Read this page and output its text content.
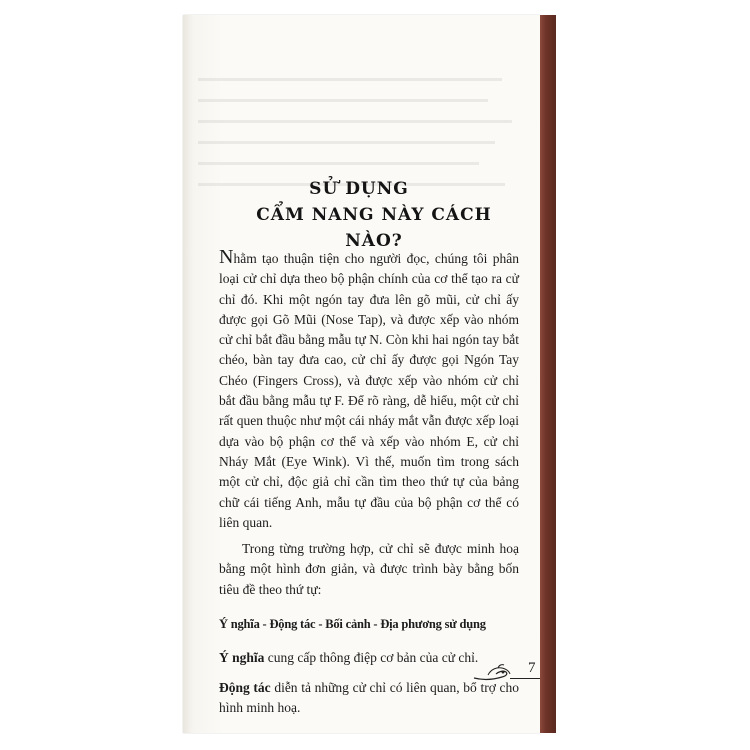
SỬ DỤNG
CẨM NANG NÀY CÁCH NÀO?

Nhằm tạo thuận tiện cho người đọc, chúng tôi phân loại cử chỉ dựa theo bộ phận chính của cơ thể tạo ra cử chỉ đó. Khi một ngón tay đưa lên gõ mũi, cử chỉ ấy được gọi Gõ Mũi (Nose Tap), và được xếp vào nhóm cử chỉ bắt đầu bằng mẫu tự N. Còn khi hai ngón tay bắt chéo, bàn tay đưa cao, cử chỉ ấy được gọi Ngón Tay Chéo (Fingers Cross), và được xếp vào nhóm cử chỉ bắt đầu bằng mẫu tự F. Để rõ ràng, dễ hiểu, một cử chỉ rất quen thuộc như một cái nháy mắt vẫn được xếp loại dựa vào bộ phận cơ thể và xếp vào nhóm E, cử chỉ Nháy Mắt (Eye Wink). Vì thế, muốn tìm trong sách một cử chỉ, độc giả chỉ cần tìm theo thứ tự của bảng chữ cái tiếng Anh, mẫu tự đầu của bộ phận cơ thể có liên quan.

Trong từng trường hợp, cử chỉ sẽ được minh hoạ bằng một hình đơn giản, và được trình bày bằng bốn tiêu đề theo thứ tự:

Ý nghĩa - Động tác - Bối cảnh - Địa phương sử dụng

Ý nghĩa cung cấp thông điệp cơ bản của cử chỉ.

Động tác diễn tả những cử chỉ có liên quan, bổ trợ cho hình minh hoạ.

7
